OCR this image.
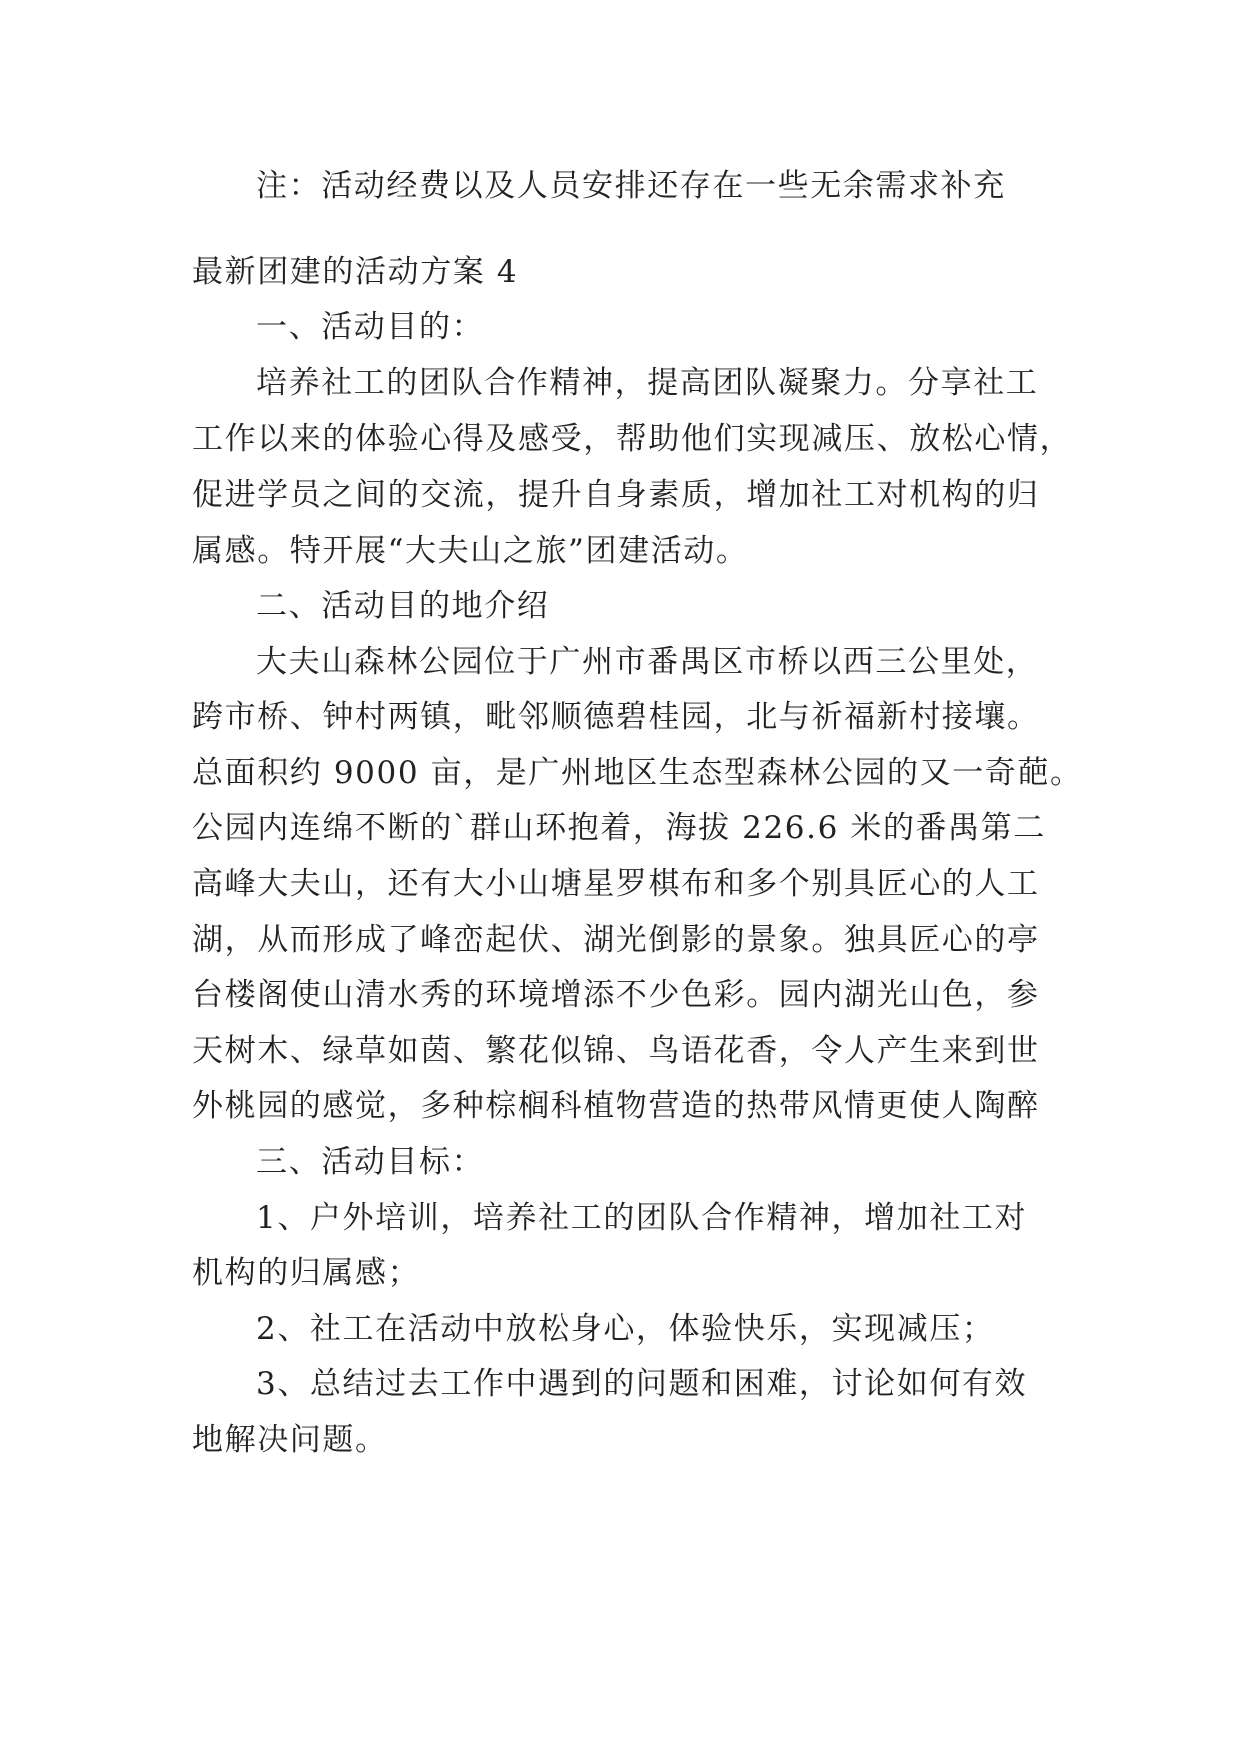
注：活动经费以及人员安排还存在一些无余需求补充
最新团建的活动方案 4
一、活动目的：
培养社工的团队合作精神，提高团队凝聚力。分享社工
工作以来的体验心得及感受，帮助他们实现减压、放松心情，
促进学员之间的交流，提升自身素质，增加社工对机构的归
属感。特开展“大夫山之旅”团建活动。
二、活动目的地介绍
大夫山森林公园位于广州市番禺区市桥以西三公里处，
跨市桥、钟村两镇，毗邻顺德碧桂园，北与祈福新村接壤。
总面积约 9000 亩，是广州地区生态型森林公园的又一奇葩。
公园内连绵不断的`群山环抱着，海拔 226.6 米的番禺第二
高峰大夫山，还有大小山塘星罗棋布和多个别具匠心的人工
湖，从而形成了峰峦起伏、湖光倒影的景象。独具匠心的亭
台楼阁使山清水秀的环境增添不少色彩。园内湖光山色，参
天树木、绿草如茵、繁花似锦、鸟语花香，令人产生来到世
外桃园的感觉，多种棕榈科植物营造的热带风情更使人陶醉
三、活动目标：
1、户外培训，培养社工的团队合作精神，增加社工对
机构的归属感；
2、社工在活动中放松身心，体验快乐，实现减压；
3、总结过去工作中遇到的问题和困难，讨论如何有效
地解决问题。
